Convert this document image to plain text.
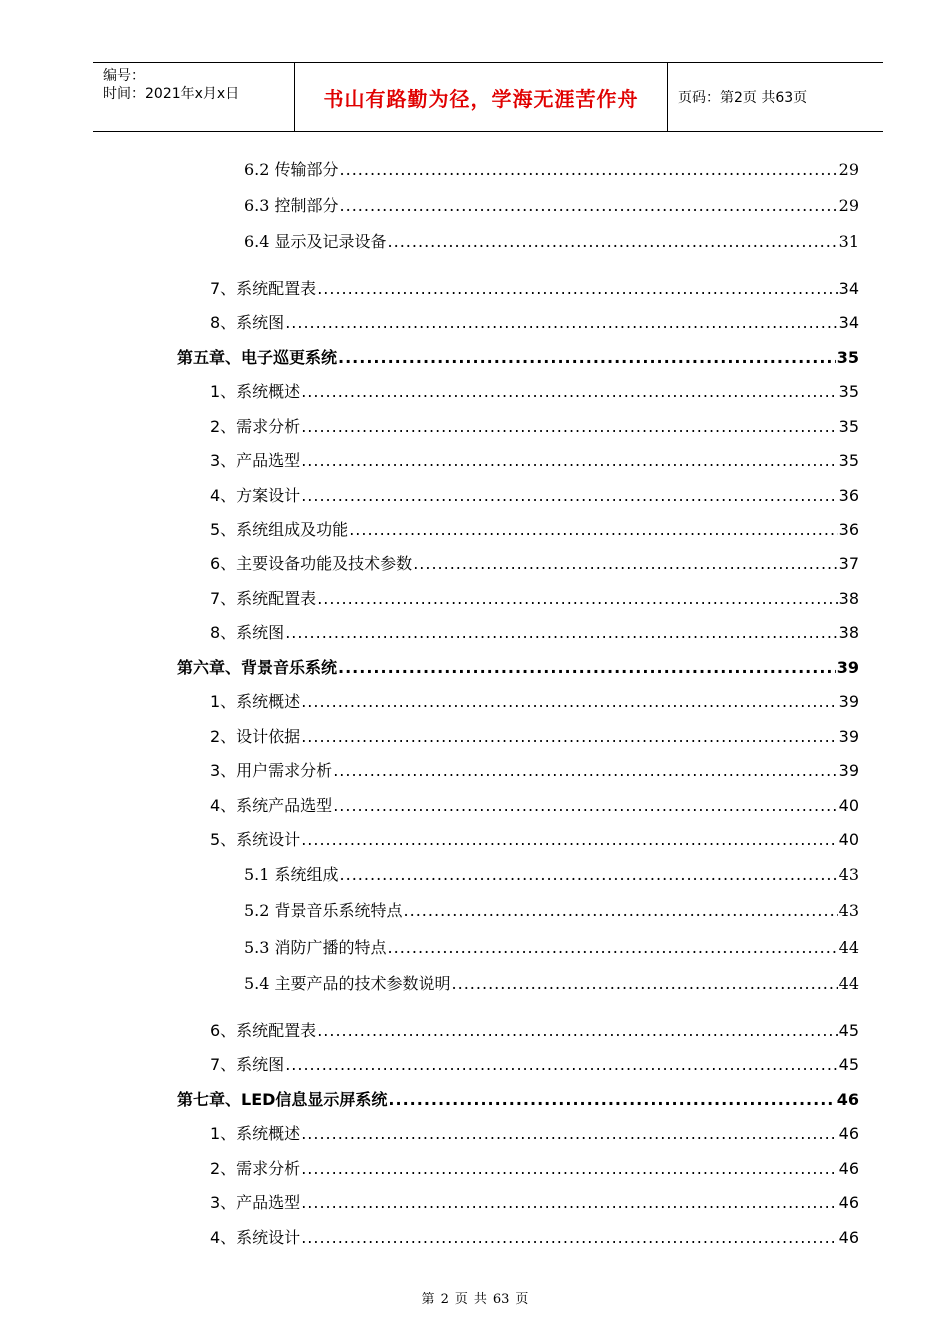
编号：
时间：2021年x月x日	书山有路勤为径，学海无涯苦作舟	页码：第2页 共63页
6.2 传输部分 .....	29
6.3 控制部分 .....	29
6.4 显示及记录设备 .....	31
7、系统配置表 .....	34
8、系统图 .....	34
第五章、电子巡更系统 .....	35
1、系统概述 .....	35
2、需求分析 .....	35
3、产品选型 .....	35
4、方案设计 .....	36
5、系统组成及功能 .....	36
6、主要设备功能及技术参数 .....	37
7、系统配置表 .....	38
8、系统图 .....	38
第六章、背景音乐系统 .....	39
1、系统概述 .....	39
2、设计依据 .....	39
3、用户需求分析 .....	39
4、系统产品选型 .....	40
5、系统设计 .....	40
5.1 系统组成 .....	43
5.2 背景音乐系统特点 .....	43
5.3 消防广播的特点 .....	44
5.4 主要产品的技术参数说明 .....	44
6、系统配置表 .....	45
7、系统图 .....	45
第七章、LED信息显示屏系统 .....	46
1、系统概述 .....	46
2、需求分析 .....	46
3、产品选型 .....	46
4、系统设计 .....	46
第 2 页 共 63 页
